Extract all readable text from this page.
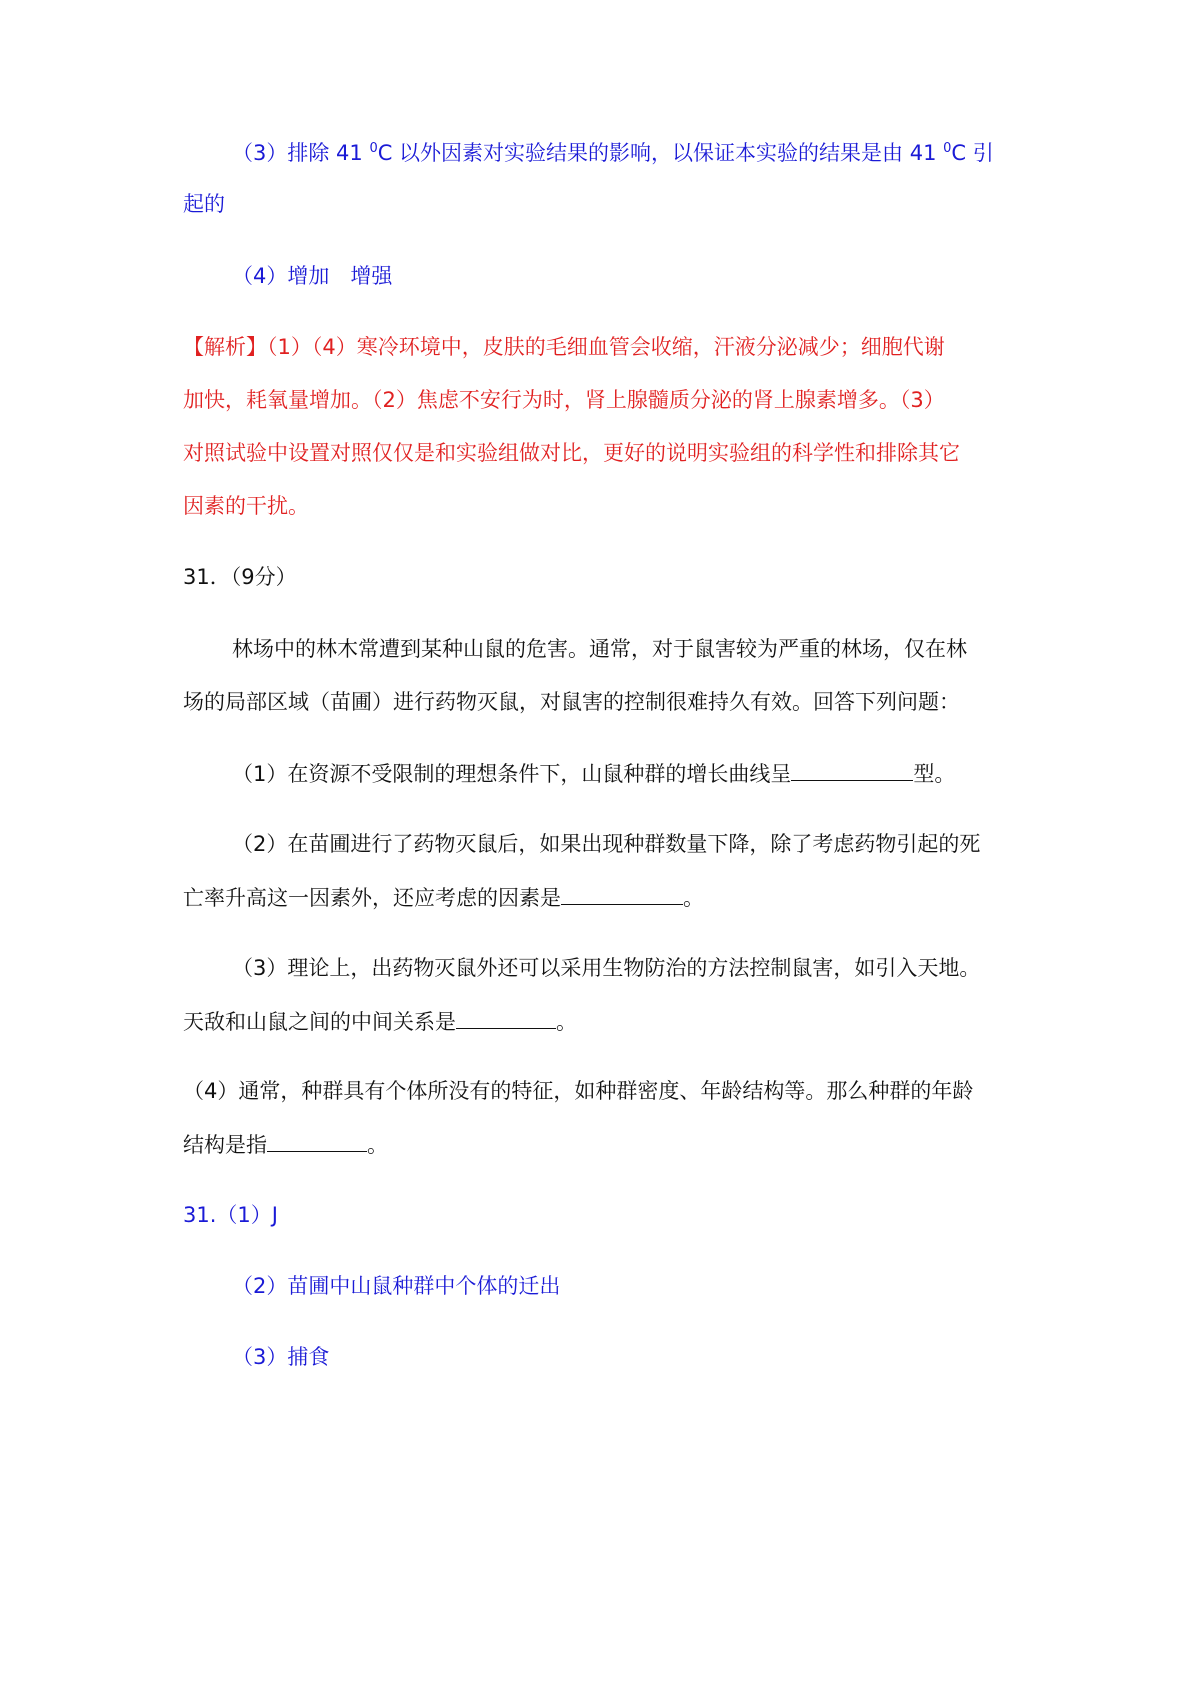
（3）排除 41 $^0$C 以外因素对实验结果的影响，以保证本实验的结果是由 41 $^0$C 引
起的
（4）增加　增强
【解析】（1）（4）寒冷环境中，皮肤的毛细血管会收缩，汗液分泌减少；细胞代谢
加快，耗氧量增加。（2）焦虑不安行为时，肾上腺髓质分泌的肾上腺素增多。（3）
对照试验中设置对照仅仅是和实验组做对比，更好的说明实验组的科学性和排除其它
因素的干扰。
31．（9分）
林场中的林木常遭到某种山鼠的危害。通常，对于鼠害较为严重的林场，仅在林
场的局部区域（苗圃）进行药物灭鼠，对鼠害的控制很难持久有效。回答下列问题：
（1）在资源不受限制的理想条件下，山鼠种群的增长曲线呈	型。
（2）在苗圃进行了药物灭鼠后，如果出现种群数量下降，除了考虑药物引起的死
亡率升高这一因素外，还应考虑的因素是	。
（3）理论上，出药物灭鼠外还可以采用生物防治的方法控制鼠害，如引入天地。
天敌和山鼠之间的中间关系是	。
（4）通常，种群具有个体所没有的特征，如种群密度、年龄结构等。那么种群的年龄
结构是指	。
31.（1）J
（2）苗圃中山鼠种群中个体的迁出
（3）捕食
